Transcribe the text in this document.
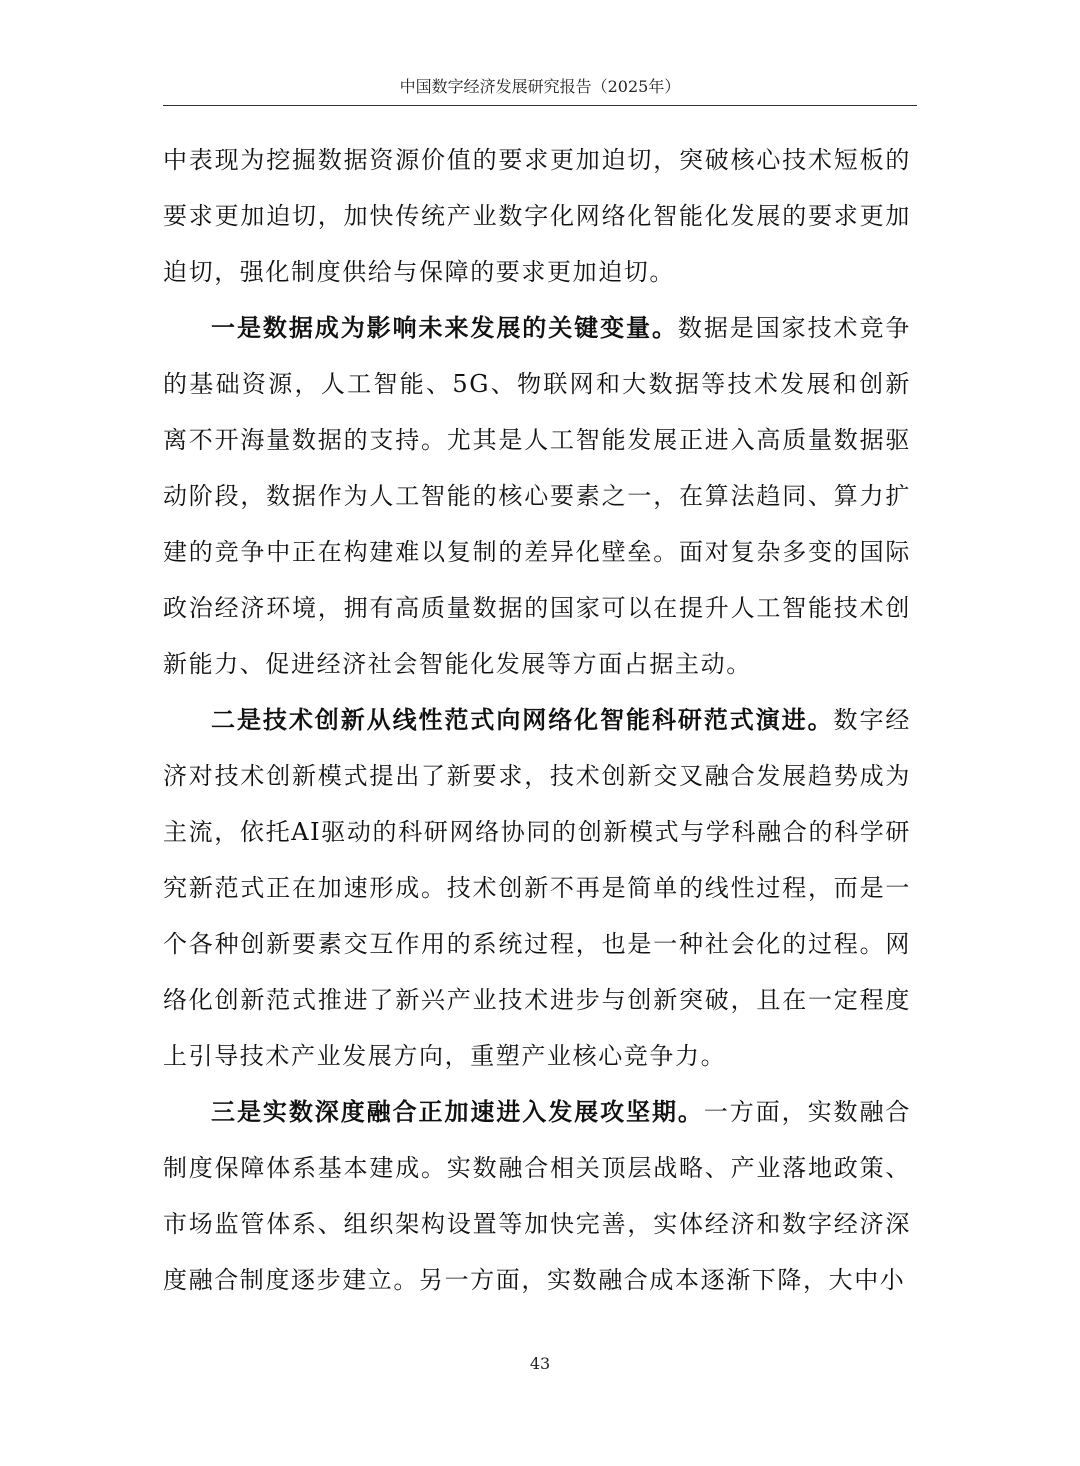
中国数字经济发展研究报告（2025年）

中表现为挖掘数据资源价值的要求更加迫切，突破核心技术短板的要求更加迫切，加快传统产业数字化网络化智能化发展的要求更加迫切，强化制度供给与保障的要求更加迫切。

一是数据成为影响未来发展的关键变量。数据是国家技术竞争的基础资源，人工智能、5G、物联网和大数据等技术发展和创新离不开海量数据的支持。尤其是人工智能发展正进入高质量数据驱动阶段，数据作为人工智能的核心要素之一，在算法趋同、算力扩建的竞争中正在构建难以复制的差异化壁垒。面对复杂多变的国际政治经济环境，拥有高质量数据的国家可以在提升人工智能技术创新能力、促进经济社会智能化发展等方面占据主动。

二是技术创新从线性范式向网络化智能科研范式演进。数字经济对技术创新模式提出了新要求，技术创新交叉融合发展趋势成为主流，依托AI驱动的科研网络协同的创新模式与学科融合的科学研究新范式正在加速形成。技术创新不再是简单的线性过程，而是一个各种创新要素交互作用的系统过程，也是一种社会化的过程。网络化创新范式推进了新兴产业技术进步与创新突破，且在一定程度上引导技术产业发展方向，重塑产业核心竞争力。

三是实数深度融合正加速进入发展攻坚期。一方面，实数融合制度保障体系基本建成。实数融合相关顶层战略、产业落地政策、市场监管体系、组织架构设置等加快完善，实体经济和数字经济深度融合制度逐步建立。另一方面，实数融合成本逐渐下降，大中小

43
